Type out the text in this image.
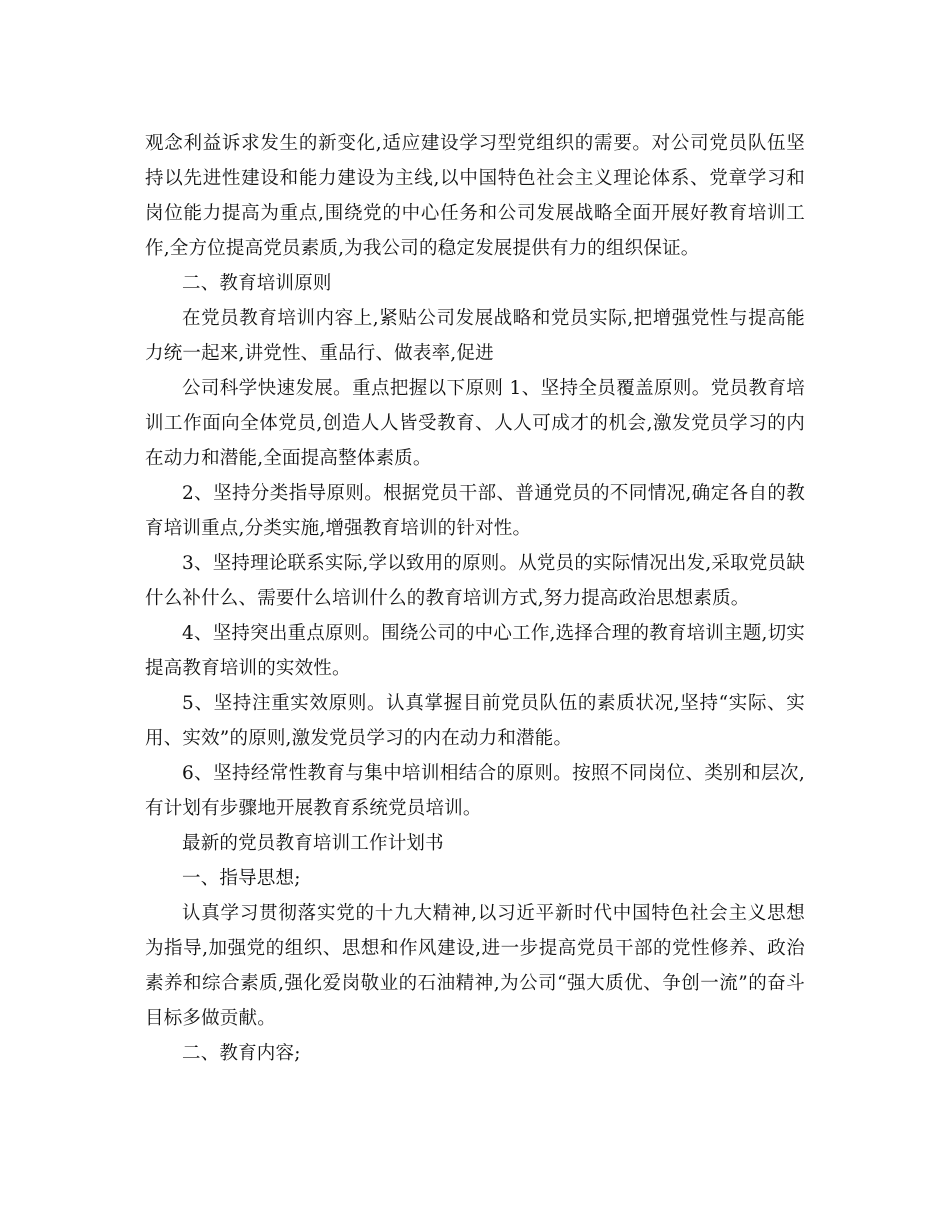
观念利益诉求发生的新变化,适应建设学习型党组织的需要。对公司党员队伍坚持以先进性建设和能力建设为主线,以中国特色社会主义理论体系、党章学习和岗位能力提高为重点,围绕党的中心任务和公司发展战略全面开展好教育培训工作,全方位提高党员素质,为我公司的稳定发展提供有力的组织保证。

二、教育培训原则

在党员教育培训内容上,紧贴公司发展战略和党员实际,把增强党性与提高能力统一起来,讲党性、重品行、做表率,促进

公司科学快速发展。重点把握以下原则 1、坚持全员覆盖原则。党员教育培训工作面向全体党员,创造人人皆受教育、人人可成才的机会,激发党员学习的内在动力和潜能,全面提高整体素质。

2、坚持分类指导原则。根据党员干部、普通党员的不同情况,确定各自的教育培训重点,分类实施,增强教育培训的针对性。

3、坚持理论联系实际,学以致用的原则。从党员的实际情况出发,采取党员缺什么补什么、需要什么培训什么的教育培训方式,努力提高政治思想素质。

4、坚持突出重点原则。围绕公司的中心工作,选择合理的教育培训主题,切实提高教育培训的实效性。

5、坚持注重实效原则。认真掌握目前党员队伍的素质状况,坚持“实际、实用、实效”的原则,激发党员学习的内在动力和潜能。

6、坚持经常性教育与集中培训相结合的原则。按照不同岗位、类别和层次,有计划有步骤地开展教育系统党员培训。

最新的党员教育培训工作计划书

一、指导思想;

认真学习贯彻落实党的十九大精神,以习近平新时代中国特色社会主义思想为指导,加强党的组织、思想和作风建设,进一步提高党员干部的党性修养、政治素养和综合素质,强化爱岗敬业的石油精神,为公司“强大质优、争创一流”的奋斗目标多做贡献。

二、教育内容;
